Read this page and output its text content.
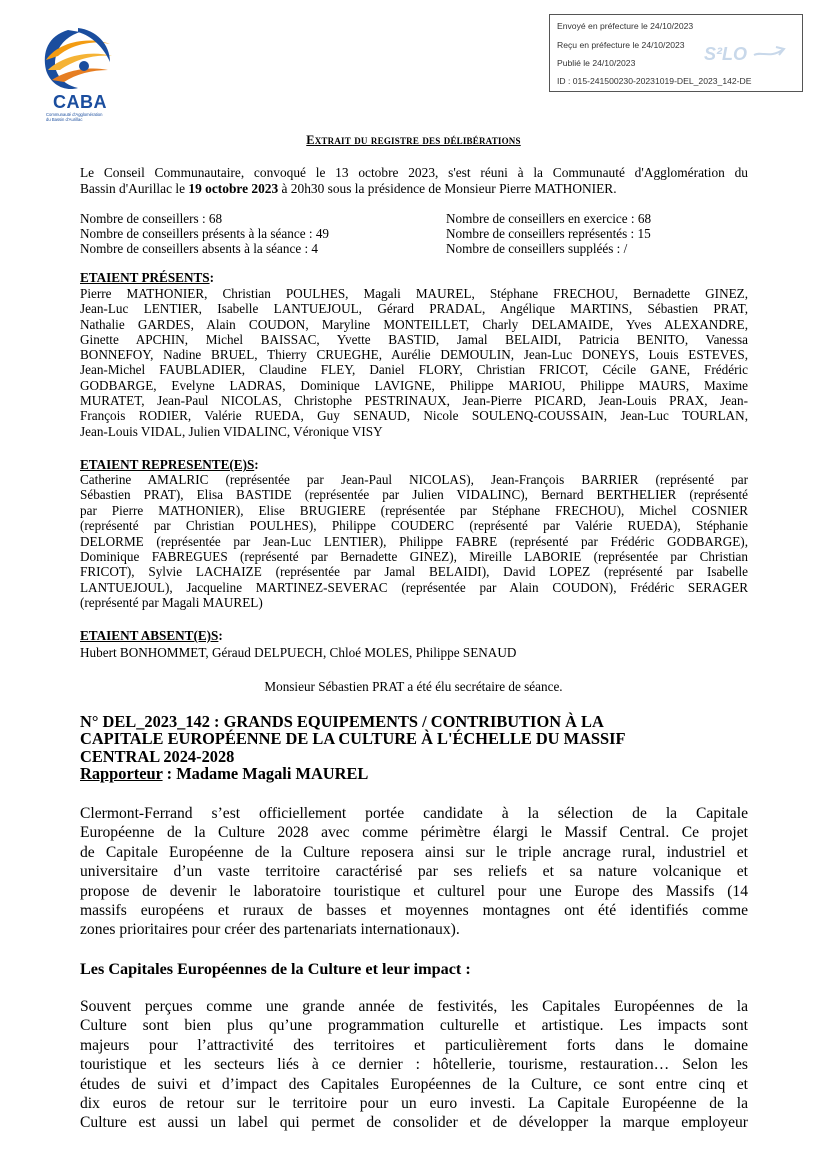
CABA
Communauté d'Agglomération du Bassin d'Aurillac
Envoyé en préfecture le 24/10/2023
Reçu en préfecture le 24/10/2023
Publié le 24/10/2023
ID : 015-241500230-20231019-DEL_2023_142-DE
S²LO
Extrait du registre des délibérations
Le Conseil Communautaire, convoqué le 13 octobre 2023, s'est réuni à la Communauté d'Agglomération du
Bassin d'Aurillac le 19 octobre 2023 à 20h30 sous la présidence de Monsieur Pierre MATHONIER.
Nombre de conseillers : 68
Nombre de conseillers présents à la séance : 49
Nombre de conseillers absents à la séance : 4
Nombre de conseillers en exercice : 68
Nombre de conseillers représentés : 15
Nombre de conseillers suppléés : /
ETAIENT PRÉSENTS:
Pierre MATHONIER, Christian POULHES, Magali MAUREL, Stéphane FRECHOU, Bernadette GINEZ,
Jean-Luc LENTIER, Isabelle LANTUEJOUL, Gérard PRADAL, Angélique MARTINS, Sébastien PRAT,
Nathalie GARDES, Alain COUDON, Maryline MONTEILLET, Charly DELAMAIDE, Yves ALEXANDRE,
Ginette APCHIN, Michel BAISSAC, Yvette BASTID, Jamal BELAIDI, Patricia BENITO, Vanessa
BONNEFOY, Nadine BRUEL, Thierry CRUEGHE, Aurélie DEMOULIN, Jean-Luc DONEYS, Louis ESTEVES,
Jean-Michel FAUBLADIER, Claudine FLEY, Daniel FLORY, Christian FRICOT, Cécile GANE, Frédéric
GODBARGE, Evelyne LADRAS, Dominique LAVIGNE, Philippe MARIOU, Philippe MAURS, Maxime
MURATET, Jean-Paul NICOLAS, Christophe PESTRINAUX, Jean-Pierre PICARD, Jean-Louis PRAX, Jean-
François RODIER, Valérie RUEDA, Guy SENAUD, Nicole SOULENQ-COUSSAIN, Jean-Luc TOURLAN,
Jean-Louis VIDAL, Julien VIDALINC, Véronique VISY
ETAIENT REPRESENTE(E)S:
Catherine AMALRIC (représentée par Jean-Paul NICOLAS), Jean-François BARRIER (représenté par
Sébastien PRAT), Elisa BASTIDE (représentée par Julien VIDALINC), Bernard BERTHELIER (représenté
par Pierre MATHONIER), Elise BRUGIERE (représentée par Stéphane FRECHOU), Michel COSNIER
(représenté par Christian POULHES), Philippe COUDERC (représenté par Valérie RUEDA), Stéphanie
DELORME (représentée par Jean-Luc LENTIER), Philippe FABRE (représenté par Frédéric GODBARGE),
Dominique FABREGUES (représenté par Bernadette GINEZ), Mireille LABORIE (représentée par Christian
FRICOT), Sylvie LACHAIZE (représentée par Jamal BELAIDI), David LOPEZ (représenté par Isabelle
LANTUEJOUL), Jacqueline MARTINEZ-SEVERAC (représentée par Alain COUDON), Frédéric SERAGER
(représenté par Magali MAUREL)
ETAIENT ABSENT(E)S:
Hubert BONHOMMET, Géraud DELPUECH, Chloé MOLES, Philippe SENAUD
Monsieur Sébastien PRAT a été élu secrétaire de séance.
N° DEL_2023_142 : GRANDS EQUIPEMENTS / CONTRIBUTION À LA
CAPITALE EUROPÉENNE DE LA CULTURE À L'ÉCHELLE DU MASSIF
CENTRAL 2024-2028
Rapporteur : Madame Magali MAUREL
Clermont-Ferrand s’est officiellement portée candidate à la sélection de la Capitale
Européenne de la Culture 2028 avec comme périmètre élargi le Massif Central. Ce projet
de Capitale Européenne de la Culture reposera ainsi sur le triple ancrage rural, industriel et
universitaire d’un vaste territoire caractérisé par ses reliefs et sa nature volcanique et
propose de devenir le laboratoire touristique et culturel pour une Europe des Massifs (14
massifs européens et ruraux de basses et moyennes montagnes ont été identifiés comme
zones prioritaires pour créer des partenariats internationaux).
Les Capitales Européennes de la Culture et leur impact :
Souvent perçues comme une grande année de festivités, les Capitales Européennes de la
Culture sont bien plus qu’une programmation culturelle et artistique. Les impacts sont
majeurs pour l’attractivité des territoires et particulièrement forts dans le domaine
touristique et les secteurs liés à ce dernier : hôtellerie, tourisme, restauration… Selon les
études de suivi et d’impact des Capitales Européennes de la Culture, ce sont entre cinq et
dix euros de retour sur le territoire pour un euro investi. La Capitale Européenne de la
Culture est aussi un label qui permet de consolider et de développer la marque employeur
